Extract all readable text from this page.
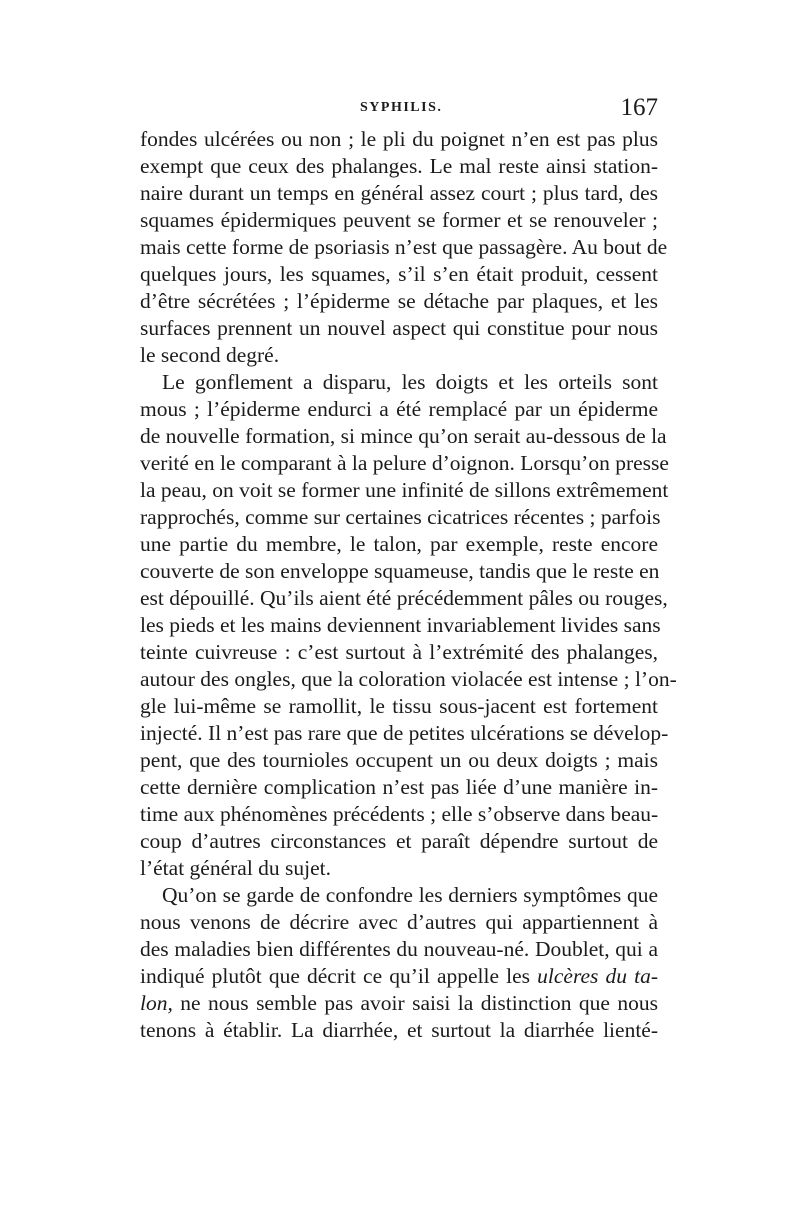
SYPHILIS.	167
fondes ulcérées ou non ; le pli du poignet n’en est pas plus
exempt que ceux des phalanges. Le mal reste ainsi station-
naire durant un temps en général assez court ; plus tard, des
squames épidermiques peuvent se former et se renouveler ;
mais cette forme de psoriasis n’est que passagère. Au bout de
quelques jours, les squames, s’il s’en était produit, cessent
d’être sécrétées ; l’épiderme se détache par plaques, et les
surfaces prennent un nouvel aspect qui constitue pour nous
le second degré.
Le gonflement a disparu, les doigts et les orteils sont
mous ; l’épiderme endurci a été remplacé par un épiderme
de nouvelle formation, si mince qu’on serait au-dessous de la
verité en le comparant à la pelure d’oignon. Lorsqu’on presse
la peau, on voit se former une infinité de sillons extrêmement
rapprochés, comme sur certaines cicatrices récentes ; parfois
une partie du membre, le talon, par exemple, reste encore
couverte de son enveloppe squameuse, tandis que le reste en
est dépouillé. Qu’ils aient été précédemment pâles ou rouges,
les pieds et les mains deviennent invariablement livides sans
teinte cuivreuse : c’est surtout à l’extrémité des phalanges,
autour des ongles, que la coloration violacée est intense ; l’on-
gle lui-même se ramollit, le tissu sous-jacent est fortement
injecté. Il n’est pas rare que de petites ulcérations se dévelop-
pent, que des tournioles occupent un ou deux doigts ; mais
cette dernière complication n’est pas liée d’une manière in-
time aux phénomènes précédents ; elle s’observe dans beau-
coup d’autres circonstances et paraît dépendre surtout de
l’état général du sujet.
Qu’on se garde de confondre les derniers symptômes que
nous venons de décrire avec d’autres qui appartiennent à
des maladies bien différentes du nouveau-né. Doublet, qui a
indiqué plutôt que décrit ce qu’il appelle les ulcères du ta-
lon, ne nous semble pas avoir saisi la distinction que nous
tenons à établir. La diarrhée, et surtout la diarrhée lienté-
